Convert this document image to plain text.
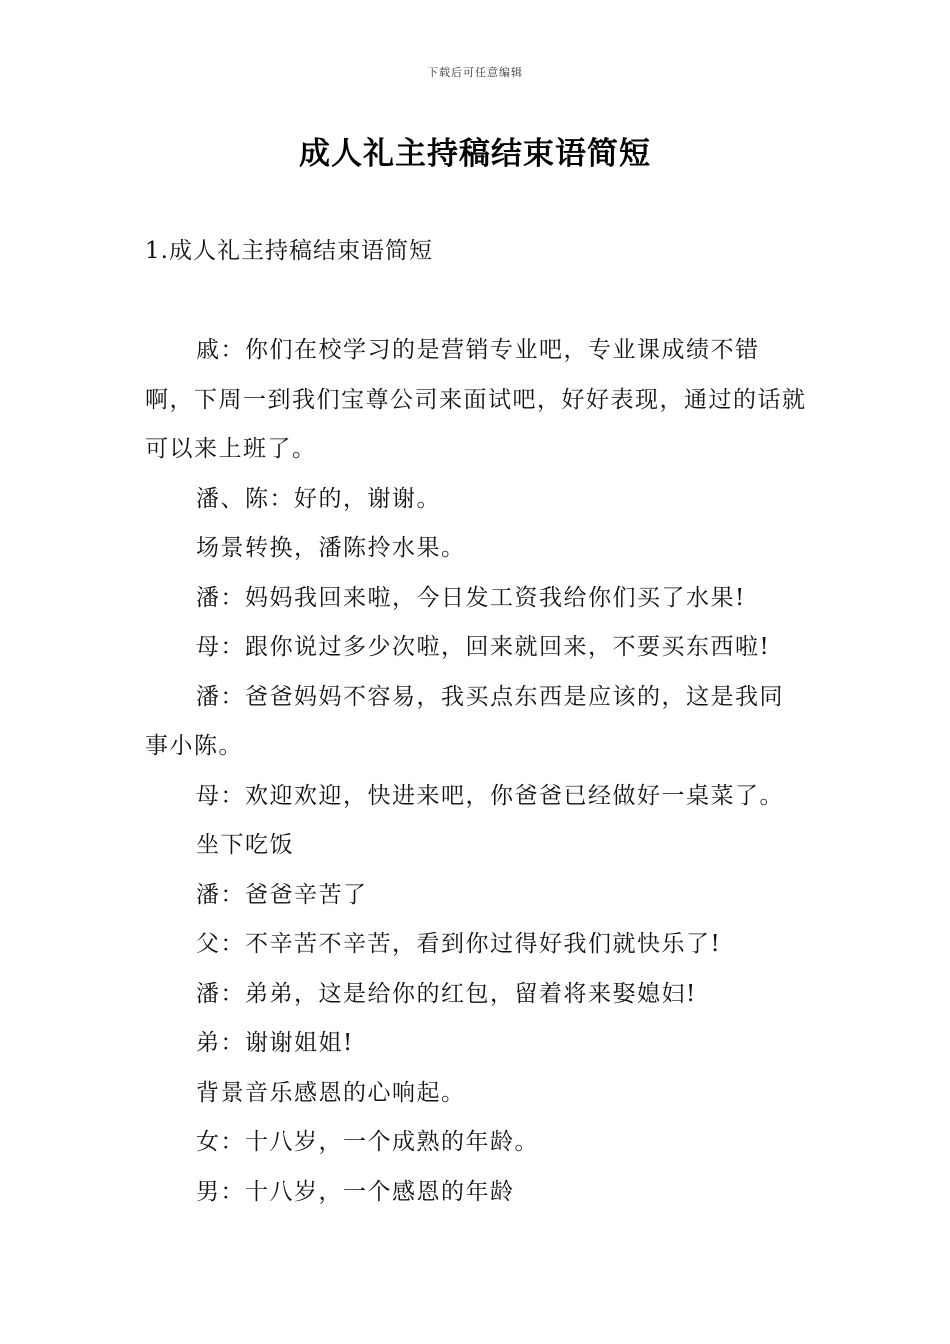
下载后可任意编辑
成人礼主持稿结束语简短
1.成人礼主持稿结束语简短

戚：你们在校学习的是营销专业吧，专业课成绩不错啊，下周一到我们宝尊公司来面试吧，好好表现，通过的话就可以来上班了。

潘、陈：好的，谢谢。

场景转换，潘陈拎水果。

潘：妈妈我回来啦，今日发工资我给你们买了水果!

母：跟你说过多少次啦，回来就回来，不要买东西啦!

潘：爸爸妈妈不容易，我买点东西是应该的，这是我同事小陈。

母：欢迎欢迎，快进来吧，你爸爸已经做好一桌菜了。

坐下吃饭

潘：爸爸辛苦了

父：不辛苦不辛苦，看到你过得好我们就快乐了!

潘：弟弟，这是给你的红包，留着将来娶媳妇!

弟：谢谢姐姐!

背景音乐感恩的心响起。

女：十八岁，一个成熟的年龄。

男：十八岁，一个感恩的年龄
